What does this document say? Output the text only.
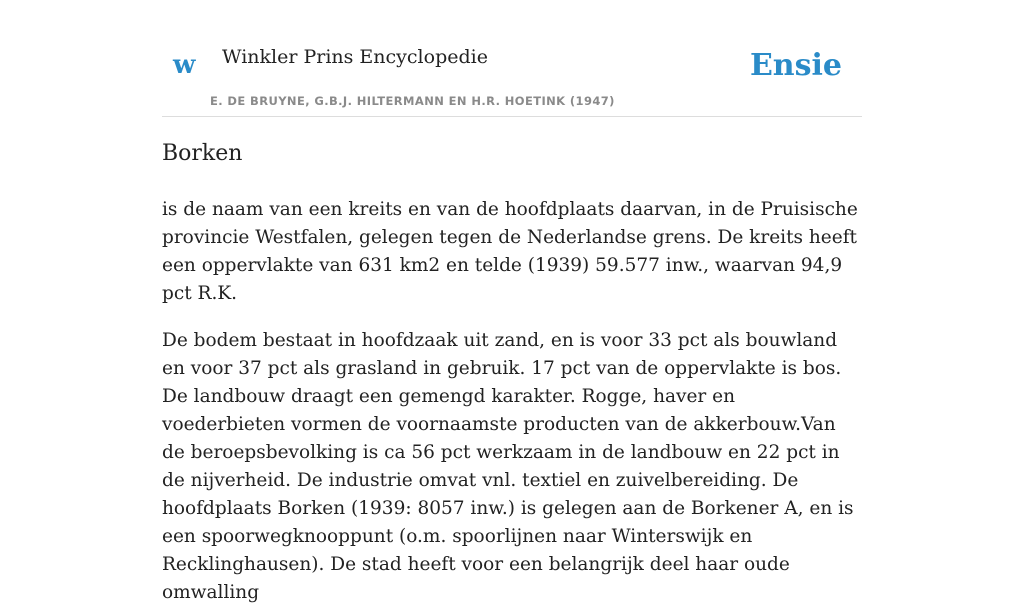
w Winkler Prins Encyclopedie
E. DE BRUYNE, G.B.J. HILTERMANN EN H.R. HOETINK (1947)
Ensie
Borken

is de naam van een kreits en van de hoofdplaats daarvan, in de Pruisische provincie Westfalen, gelegen tegen de Nederlandse grens. De kreits heeft een oppervlakte van 631 km2 en telde (1939) 59.577 inw., waarvan 94,9 pct R.K.

De bodem bestaat in hoofdzaak uit zand, en is voor 33 pct als bouwland en voor 37 pct als grasland in gebruik. 17 pct van de oppervlakte is bos. De landbouw draagt een gemengd karakter. Rogge, haver en voederbieten vormen de voornaamste producten van de akkerbouw.Van de beroepsbevolking is ca 56 pct werkzaam in de landbouw en 22 pct in de nijverheid. De industrie omvat vnl. textiel en zuivelbereiding. De hoofdplaats Borken (1939: 8057 inw.) is gelegen aan de Borkener A, en is een spoorwegknooppunt (o.m. spoorlijnen naar Winterswijk en Recklinghausen). De stad heeft voor een belangrijk deel haar oude omwalling
